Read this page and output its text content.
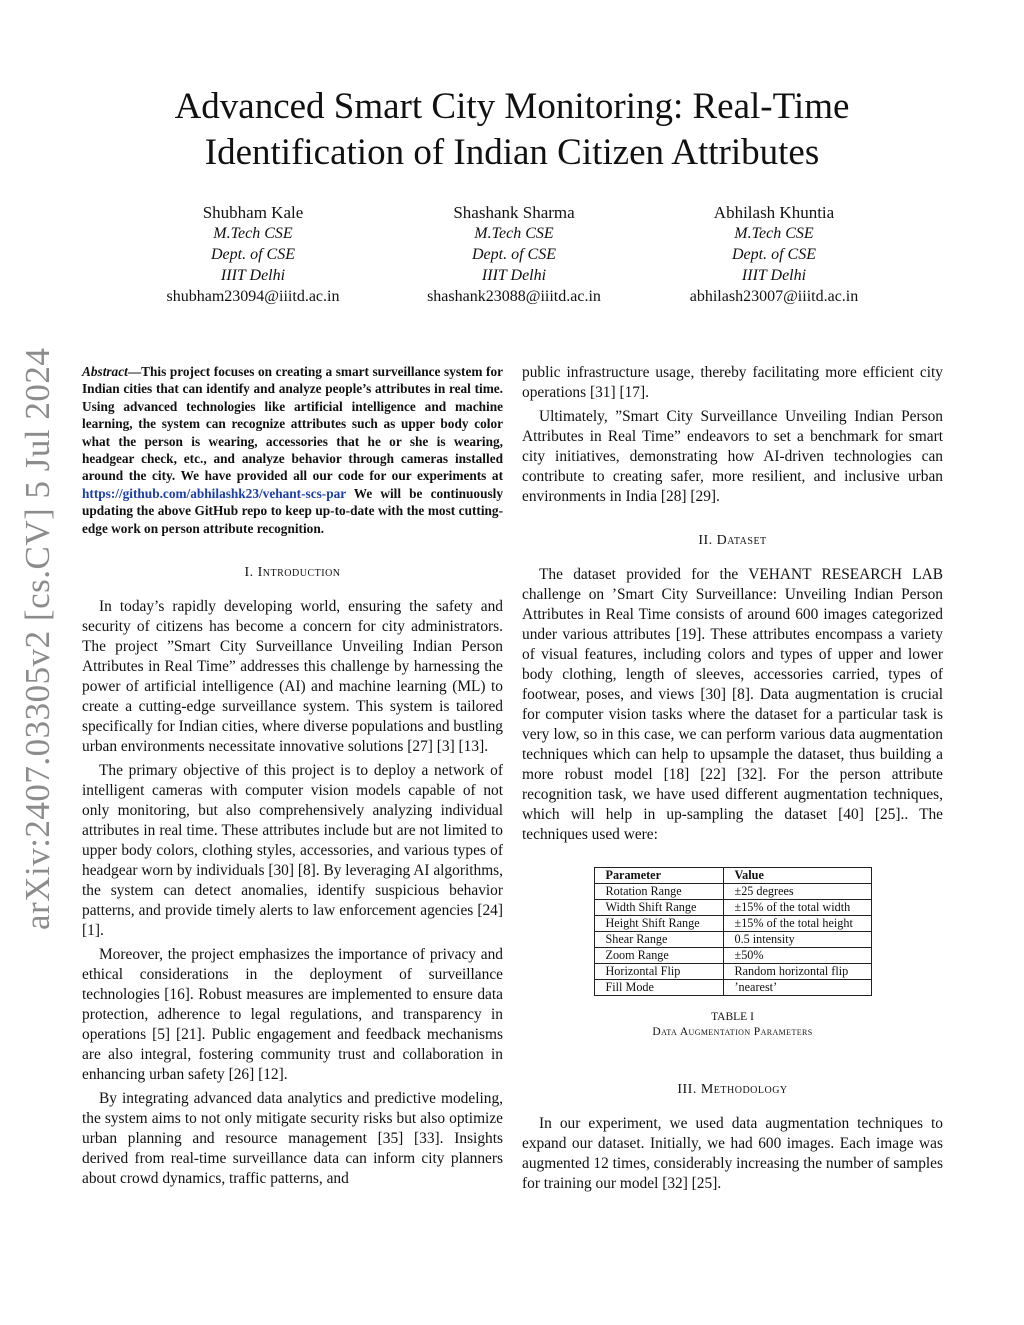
arXiv:2407.03305v2 [cs.CV] 5 Jul 2024
Advanced Smart City Monitoring: Real-Time
Identification of Indian Citizen Attributes
Shubham Kale
M.Tech CSE
Dept. of CSE
IIIT Delhi
shubham23094@iiitd.ac.in
Shashank Sharma
M.Tech CSE
Dept. of CSE
IIIT Delhi
shashank23088@iiitd.ac.in
Abhilash Khuntia
M.Tech CSE
Dept. of CSE
IIIT Delhi
abhilash23007@iiitd.ac.in
Abstract—This project focuses on creating a smart surveillance system for Indian cities that can identify and analyze people’s attributes in real time. Using advanced technologies like artificial intelligence and machine learning, the system can recognize attributes such as upper body color what the person is wearing, accessories that he or she is wearing, headgear check, etc., and analyze behavior through cameras installed around the city. We have provided all our code for our experiments at https://github.com/abhilashk23/vehant-scs-par We will be continuously updating the above GitHub repo to keep up-to-date with the most cutting-edge work on person attribute recognition.
I. Introduction

In today’s rapidly developing world, ensuring the safety and security of citizens has become a concern for city administrators. The project ”Smart City Surveillance Unveiling Indian Person Attributes in Real Time” addresses this challenge by harnessing the power of artificial intelligence (AI) and machine learning (ML) to create a cutting-edge surveillance system. This system is tailored specifically for Indian cities, where diverse populations and bustling urban environments necessitate innovative solutions [27] [3] [13].

The primary objective of this project is to deploy a network of intelligent cameras with computer vision models capable of not only monitoring, but also comprehensively analyzing individual attributes in real time. These attributes include but are not limited to upper body colors, clothing styles, accessories, and various types of headgear worn by individuals [30] [8]. By leveraging AI algorithms, the system can detect anomalies, identify suspicious behavior patterns, and provide timely alerts to law enforcement agencies [24] [1].

Moreover, the project emphasizes the importance of privacy and ethical considerations in the deployment of surveillance technologies [16]. Robust measures are implemented to ensure data protection, adherence to legal regulations, and transparency in operations [5] [21]. Public engagement and feedback mechanisms are also integral, fostering community trust and collaboration in enhancing urban safety [26] [12].

By integrating advanced data analytics and predictive modeling, the system aims to not only mitigate security risks but also optimize urban planning and resource management [35] [33]. Insights derived from real-time surveillance data can inform city planners about crowd dynamics, traffic patterns, and

public infrastructure usage, thereby facilitating more efficient city operations [31] [17].

Ultimately, ”Smart City Surveillance Unveiling Indian Person Attributes in Real Time” endeavors to set a benchmark for smart city initiatives, demonstrating how AI-driven technologies can contribute to creating safer, more resilient, and inclusive urban environments in India [28] [29].

II. Dataset

The dataset provided for the VEHANT RESEARCH LAB challenge on ’Smart City Surveillance: Unveiling Indian Person Attributes in Real Time consists of around 600 images categorized under various attributes [19]. These attributes encompass a variety of visual features, including colors and types of upper and lower body clothing, length of sleeves, accessories carried, types of footwear, poses, and views [30] [8]. Data augmentation is crucial for computer vision tasks where the dataset for a particular task is very low, so in this case, we can perform various data augmentation techniques which can help to upsample the dataset, thus building a more robust model [18] [22] [32]. For the person attribute recognition task, we have used different augmentation techniques, which will help in up-sampling the dataset [40] [25].. The techniques used were:

Parameter	Value
Rotation Range	±25 degrees
Width Shift Range	±15% of the total width
Height Shift Range	±15% of the total height
Shear Range	0.5 intensity
Zoom Range	±50%
Horizontal Flip	Random horizontal flip
Fill Mode	’nearest’
TABLE I
Data Augmentation Parameters
III. Methodology

In our experiment, we used data augmentation techniques to expand our dataset. Initially, we had 600 images. Each image was augmented 12 times, considerably increasing the number of samples for training our model [32] [25].
